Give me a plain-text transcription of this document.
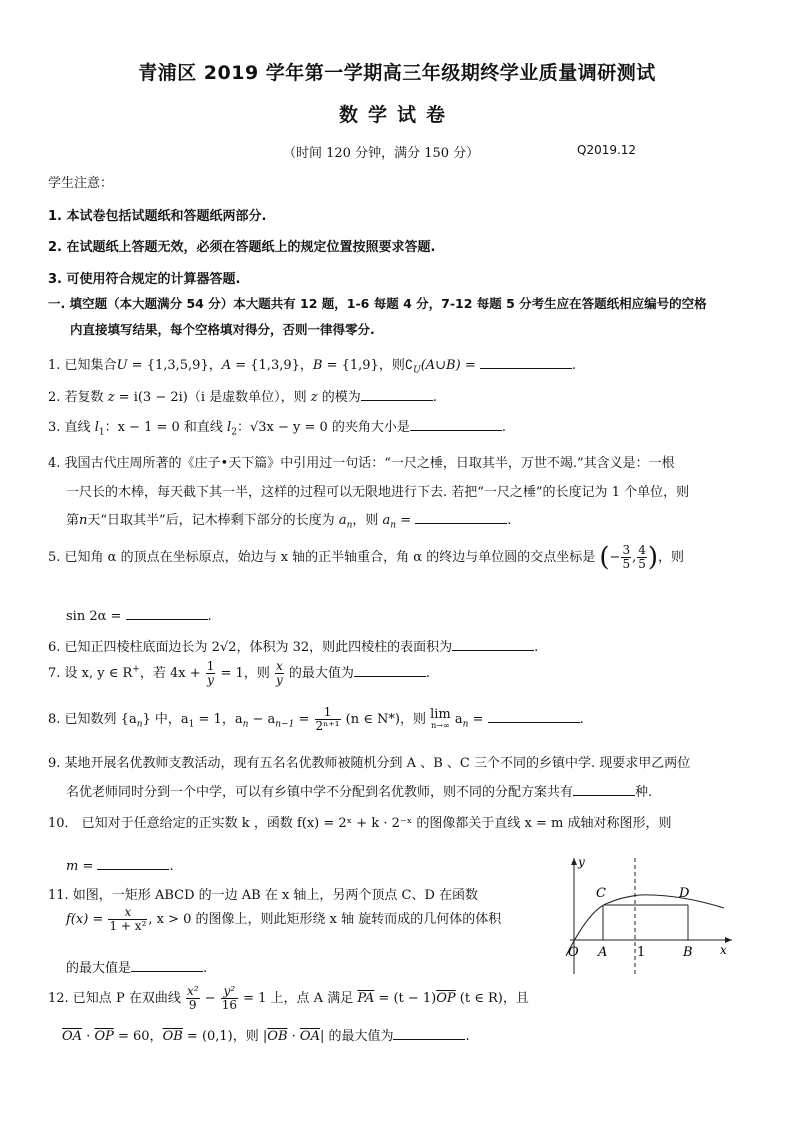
青浦区 2019 学年第一学期高三年级期终学业质量调研测试
数学试卷
（时间 120 分钟，满分 150 分）	Q2019.12
学生注意：
1. 本试卷包括试题纸和答题纸两部分.
2. 在试题纸上答题无效，必须在答题纸上的规定位置按照要求答题.
3. 可使用符合规定的计算器答题.
一. 填空题（本大题满分 54 分）本大题共有 12 题，1-6 每题 4 分，7-12 每题 5 分考生应在答题纸相应编号的空格
内直接填写结果，每个空格填对得分，否则一律得零分.
1. 已知集合U = {1,3,5,9}，A = {1,3,9}，B = {1,9}，则$∁_U(A\cup B)$ =	.
2. 若复数 z = i(3 − 2i)（i 是虚数单位），则 z 的模为	.
3. 直线 $l_1$：x − 1 = 0 和直线 $l_2$：√3x − y = 0 的夹角大小是	.
4. 我国古代庄周所著的《庄子•天下篇》中引用过一句话：“一尺之棰，日取其半，万世不竭.”其含义是：一根
一尺长的木棒，每天截下其一半，这样的过程可以无限地进行下去. 若把“一尺之棰”的长度记为 1 个单位，则
第n天“日取其半”后，记木棒剩下部分的长度为 $a_n$，则 $a_n$ =	.
5. 已知角 α 的顶点在坐标原点，始边与 x 轴的正半轴重合，角 α 的终边与单位圆的交点坐标是 (− $\frac{3}{5}$ , $\frac{4}{5}$ )，则
sin 2α =	.
6. 已知正四棱柱底面边长为 2√2，体积为 32，则此四棱柱的表面积为	.
7. 设 x, y ∈ R+，若 $4x + \frac{1}{y} = 1$，则 $\frac{x}{y}$ 的最大值为	.
8. 已知数列 $\{a_n\}$ 中，$a_1 = 1$，$a_n - a_{n-1} = \frac{1}{\text{2ⁿ⁺¹}} (n$ ∈ N*)，则 lim
n→∞ $a_n$ =	.
9. 某地开展名优教师支教活动，现有五名名优教师被随机分到 A 、B 、C 三个不同的乡镇中学. 现要求甲乙两位
名优老师同时分到一个中学，可以有乡镇中学不分配到名优教师，则不同的分配方案共有	种.
10． 已知对于任意给定的正实数 k ，函数 f(x) = 2ˣ + k · 2⁻ˣ 的图像都关于直线 x = m 成轴对称图形，则
m =	.
11. 如图，一矩形 ABCD 的一边 AB 在 x 轴上，另两个顶点 C、D 在函数
$f(x) = \frac{x}{\text{1 + x²}}$ , x > 0 的图像上，则此矩形绕 x 轴 旋转而成的几何体的体积
的最大值是	.
y
x
O A 1	B
C	D
12. 已知点 P 在双曲线 $\frac{\text{x²}}{9} - \frac{\text{y²}}{16} = 1$ 上，点 A 满足 $\overline{PA} = (t - 1)\overline{OP}$ (t ∈ R)，且
$\overline{OA} \cdot \overline{OP} = 60$，$\overline{OB} = (0,1)$，则 $|\overline{OB} \cdot \overline{OA}|$ 的最大值为	.
